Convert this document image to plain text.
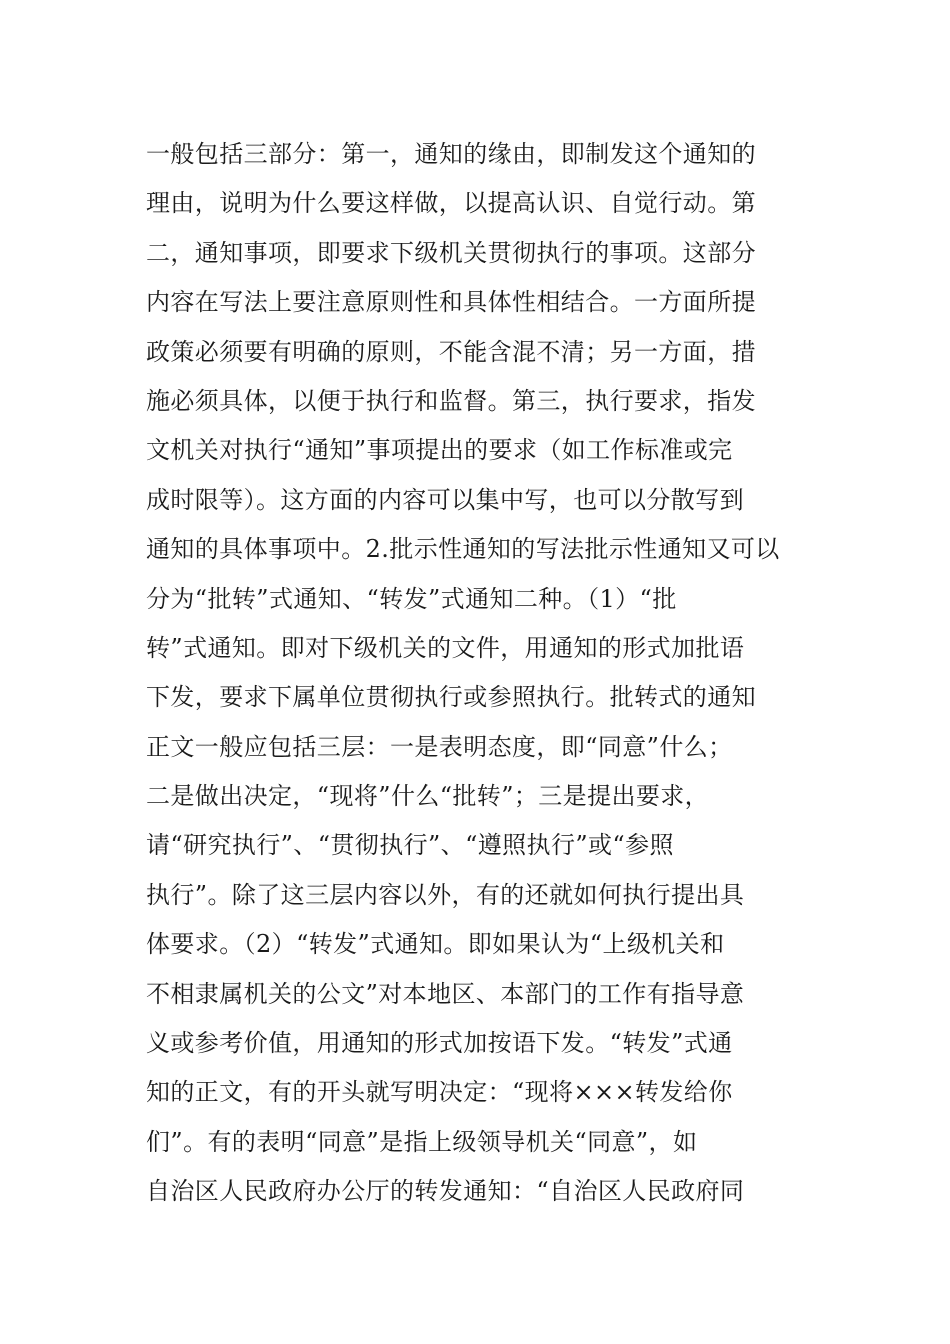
一般包括三部分：第一，通知的缘由，即制发这个通知的
理由，说明为什么要这样做，以提高认识、自觉行动。第
二，通知事项，即要求下级机关贯彻执行的事项。这部分
内容在写法上要注意原则性和具体性相结合。一方面所提
政策必须要有明确的原则，不能含混不清；另一方面，措
施必须具体，以便于执行和监督。第三，执行要求，指发
文机关对执行“通知”事项提出的要求（如工作标准或完
成时限等）。这方面的内容可以集中写，也可以分散写到
通知的具体事项中。2.批示性通知的写法批示性通知又可以
分为“批转”式通知、“转发”式通知二种。（1）“批
转”式通知。即对下级机关的文件，用通知的形式加批语
下发，要求下属单位贯彻执行或参照执行。批转式的通知
正文一般应包括三层：一是表明态度，即“同意”什么；
二是做出决定，“现将”什么“批转”；三是提出要求，
请“研究执行”、“贯彻执行”、“遵照执行”或“参照
执行”。除了这三层内容以外，有的还就如何执行提出具
体要求。（2）“转发”式通知。即如果认为“上级机关和
不相隶属机关的公文”对本地区、本部门的工作有指导意
义或参考价值，用通知的形式加按语下发。“转发”式通
知的正文，有的开头就写明决定：“现将×××转发给你
们”。有的表明“同意”是指上级领导机关“同意”，如
自治区人民政府办公厅的转发通知：“自治区人民政府同
